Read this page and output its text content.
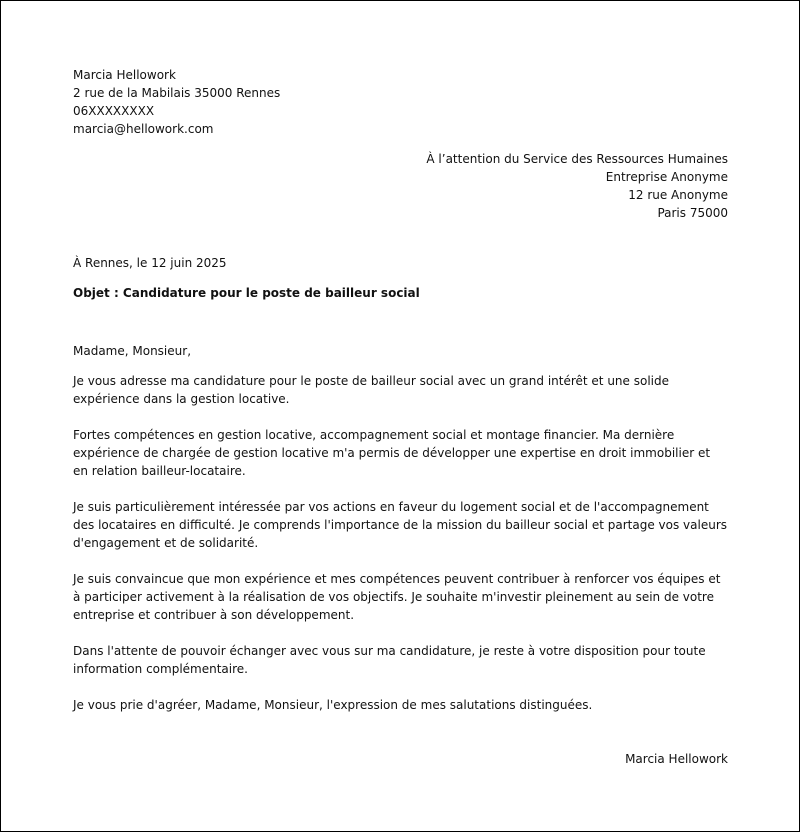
Marcia Hellowork
2 rue de la Mabilais 35000 Rennes
06XXXXXXXX
marcia@hellowork.com
À l’attention du Service des Ressources Humaines
Entreprise Anonyme
12 rue Anonyme
Paris 75000
À Rennes, le 12 juin 2025
Objet : Candidature pour le poste de bailleur social
Madame, Monsieur,

Je vous adresse ma candidature pour le poste de bailleur social avec un grand intérêt et une solide expérience dans la gestion locative.

Fortes compétences en gestion locative, accompagnement social et montage financier. Ma dernière expérience de chargée de gestion locative m'a permis de développer une expertise en droit immobilier et en relation bailleur-locataire.

Je suis particulièrement intéressée par vos actions en faveur du logement social et de l'accompagnement des locataires en difficulté. Je comprends l'importance de la mission du bailleur social et partage vos valeurs d'engagement et de solidarité.

Je suis convaincue que mon expérience et mes compétences peuvent contribuer à renforcer vos équipes et à participer activement à la réalisation de vos objectifs. Je souhaite m'investir pleinement au sein de votre entreprise et contribuer à son développement.

Dans l'attente de pouvoir échanger avec vous sur ma candidature, je reste à votre disposition pour toute information complémentaire.

Je vous prie d'agréer, Madame, Monsieur, l'expression de mes salutations distinguées.

Marcia Hellowork
